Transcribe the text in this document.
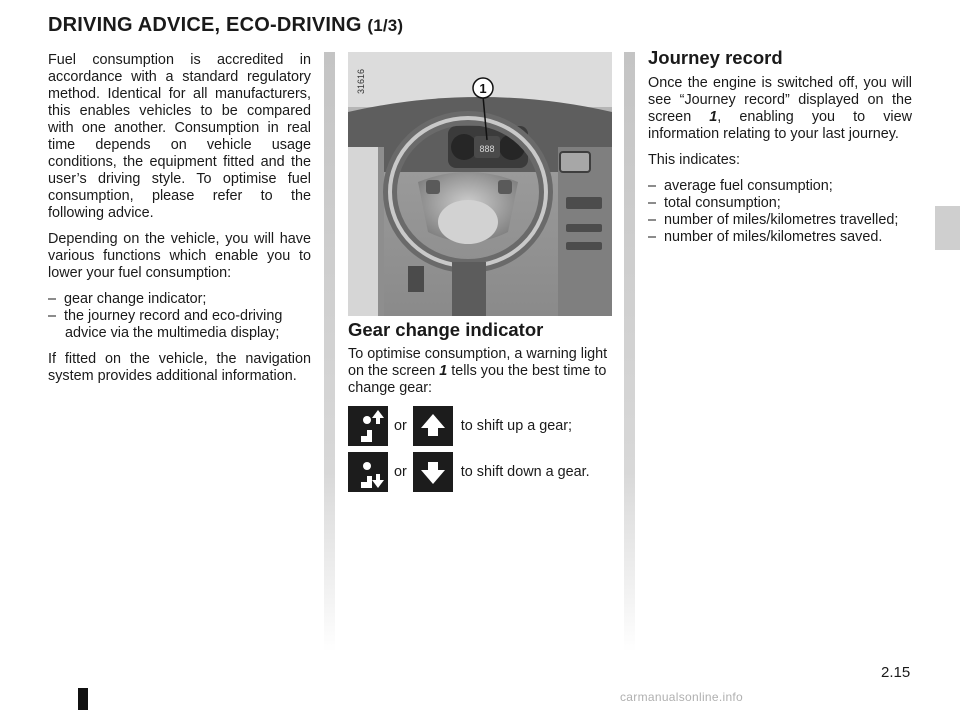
DRIVING ADVICE, ECO-DRIVING (1/3)

Fuel consumption is accredited in accordance with a standard regulatory method. Identical for all manufacturers, this enables vehicles to be compared with one another. Consumption in real time depends on vehicle usage conditions, the equipment fitted and the user’s driving style. To optimise fuel consumption, please refer to the following advice.

Depending on the vehicle, you will have various functions which enable you to lower your fuel consumption:

–  gear change indicator;
–  the journey record and eco-driving advice via the multimedia display;

If fitted on the vehicle, the navigation system provides additional information.

888
1
31616
Gear change indicator

To optimise consumption, a warning light on the screen 1 tells you the best time to change gear:

or	to shift up a gear;
or	to shift down a gear.
Journey record

Once the engine is switched off, you will see “Journey record” displayed on the screen 1, enabling you to view information relating to your last journey.

This indicates:

–  average fuel consumption;
–  total consumption;
–  number of miles/kilometres travelled;
–  number of miles/kilometres saved.
2.15
carmanualsonline.info
